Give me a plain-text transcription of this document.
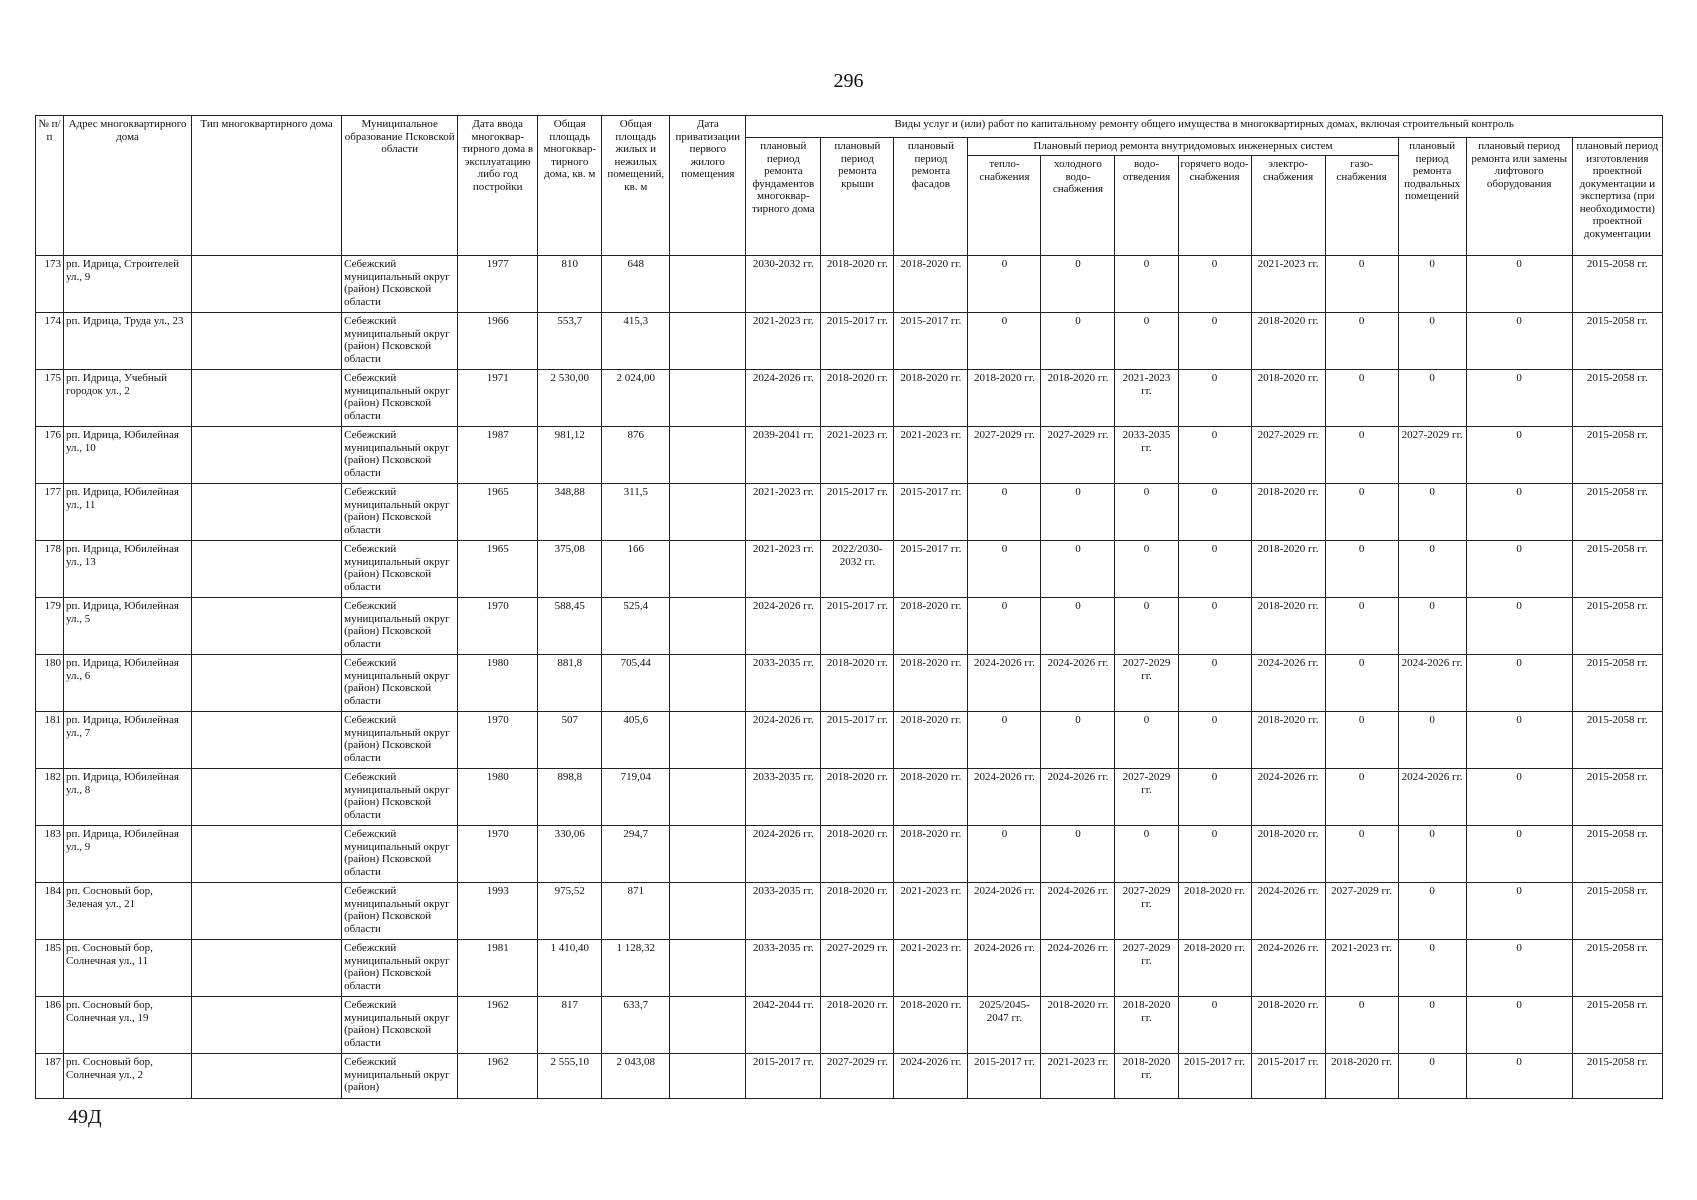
296
№ п/п	Адрес многоквартирного дома	Тип многоквартирного дома	Муниципальное образование Псковской области	Дата ввода многоквар-тирного дома в эксплуатацию либо год постройки	Общая площадь многоквар-тирного дома, кв. м	Общая площадь жилых и нежилых помещений, кв. м	Дата приватизации первого жилого помещения	Виды услуг и (или) работ по капитальному ремонту общего имущества в многоквартирных домах, включая строительный контроль											
								плановый период ремонта фундаментов многоквар-тирного дома	плановый период ремонта крыши	плановый период ремонта фасадов	Плановый период ремонта внутридомовых инженерных систем						плановый период ремонта подвальных помещений	плановый период ремонта или замены лифтового оборудования	плановый период изготовления проектной документации и экспертиза (при необходимости) проектной документации
											тепло-снабжения	холодного водо-снабжения	водо-отведения	горячего водо-снабжения	электро-снабжения	газо-снабжения			
173	рп. Идрица, Строителей ул., 9		Себежский муниципальный округ (район) Псковской области	1977	810	648		2030-2032 гг.	2018-2020 гг.	2018-2020 гг.	0	0	0	0	2021-2023 гг.	0	0	0	2015-2058 гг.
174	рп. Идрица, Труда ул., 23		Себежский муниципальный округ (район) Псковской области	1966	553,7	415,3		2021-2023 гг.	2015-2017 гг.	2015-2017 гг.	0	0	0	0	2018-2020 гг.	0	0	0	2015-2058 гг.
175	рп. Идрица, Учебный городок ул., 2		Себежский муниципальный округ (район) Псковской области	1971	2 530,00	2 024,00		2024-2026 гг.	2018-2020 гг.	2018-2020 гг.	2018-2020 гг.	2018-2020 гг.	2021-2023 гг.	0	2018-2020 гг.	0	0	0	2015-2058 гг.
176	рп. Идрица, Юбилейная ул., 10		Себежский муниципальный округ (район) Псковской области	1987	981,12	876		2039-2041 гг.	2021-2023 гг.	2021-2023 гг.	2027-2029 гг.	2027-2029 гг.	2033-2035 гг.	0	2027-2029 гг.	0	2027-2029 гг.	0	2015-2058 гг.
177	рп. Идрица, Юбилейная ул., 11		Себежский муниципальный округ (район) Псковской области	1965	348,88	311,5		2021-2023 гг.	2015-2017 гг.	2015-2017 гг.	0	0	0	0	2018-2020 гг.	0	0	0	2015-2058 гг.
178	рп. Идрица, Юбилейная ул., 13		Себежский муниципальный округ (район) Псковской области	1965	375,08	166		2021-2023 гг.	2022/2030-2032 гг.	2015-2017 гг.	0	0	0	0	2018-2020 гг.	0	0	0	2015-2058 гг.
179	рп. Идрица, Юбилейная ул., 5		Себежский муниципальный округ (район) Псковской области	1970	588,45	525,4		2024-2026 гг.	2015-2017 гг.	2018-2020 гг.	0	0	0	0	2018-2020 гг.	0	0	0	2015-2058 гг.
180	рп. Идрица, Юбилейная ул., 6		Себежский муниципальный округ (район) Псковской области	1980	881,8	705,44		2033-2035 гг.	2018-2020 гг.	2018-2020 гг.	2024-2026 гг.	2024-2026 гг.	2027-2029 гг.	0	2024-2026 гг.	0	2024-2026 гг.	0	2015-2058 гг.
181	рп. Идрица, Юбилейная ул., 7		Себежский муниципальный округ (район) Псковской области	1970	507	405,6		2024-2026 гг.	2015-2017 гг.	2018-2020 гг.	0	0	0	0	2018-2020 гг.	0	0	0	2015-2058 гг.
182	рп. Идрица, Юбилейная ул., 8		Себежский муниципальный округ (район) Псковской области	1980	898,8	719,04		2033-2035 гг.	2018-2020 гг.	2018-2020 гг.	2024-2026 гг.	2024-2026 гг.	2027-2029 гг.	0	2024-2026 гг.	0	2024-2026 гг.	0	2015-2058 гг.
183	рп. Идрица, Юбилейная ул., 9		Себежский муниципальный округ (район) Псковской области	1970	330,06	294,7		2024-2026 гг.	2018-2020 гг.	2018-2020 гг.	0	0	0	0	2018-2020 гг.	0	0	0	2015-2058 гг.
184	рп. Сосновый бор, Зеленая ул., 21		Себежский муниципальный округ (район) Псковской области	1993	975,52	871		2033-2035 гг.	2018-2020 гг.	2021-2023 гг.	2024-2026 гг.	2024-2026 гг.	2027-2029 гг.	2018-2020 гг.	2024-2026 гг.	2027-2029 гг.	0	0	2015-2058 гг.
185	рп. Сосновый бор, Солнечная ул., 11		Себежский муниципальный округ (район) Псковской области	1981	1 410,40	1 128,32		2033-2035 гг.	2027-2029 гг.	2021-2023 гг.	2024-2026 гг.	2024-2026 гг.	2027-2029 гг.	2018-2020 гг.	2024-2026 гг.	2021-2023 гг.	0	0	2015-2058 гг.
186	рп. Сосновый бор, Солнечная ул., 19		Себежский муниципальный округ (район) Псковской области	1962	817	633,7		2042-2044 гг.	2018-2020 гг.	2018-2020 гг.	2025/2045-2047 гг.	2018-2020 гг.	2018-2020 гг.	0	2018-2020 гг.	0	0	0	2015-2058 гг.
187	рп. Сосновый бор, Солнечная ул., 2		Себежский муниципальный округ (район)	1962	2 555,10	2 043,08		2015-2017 гг.	2027-2029 гг.	2024-2026 гг.	2015-2017 гг.	2021-2023 гг.	2018-2020 гг.	2015-2017 гг.	2015-2017 гг.	2018-2020 гг.	0	0	2015-2058 гг.
49Д
